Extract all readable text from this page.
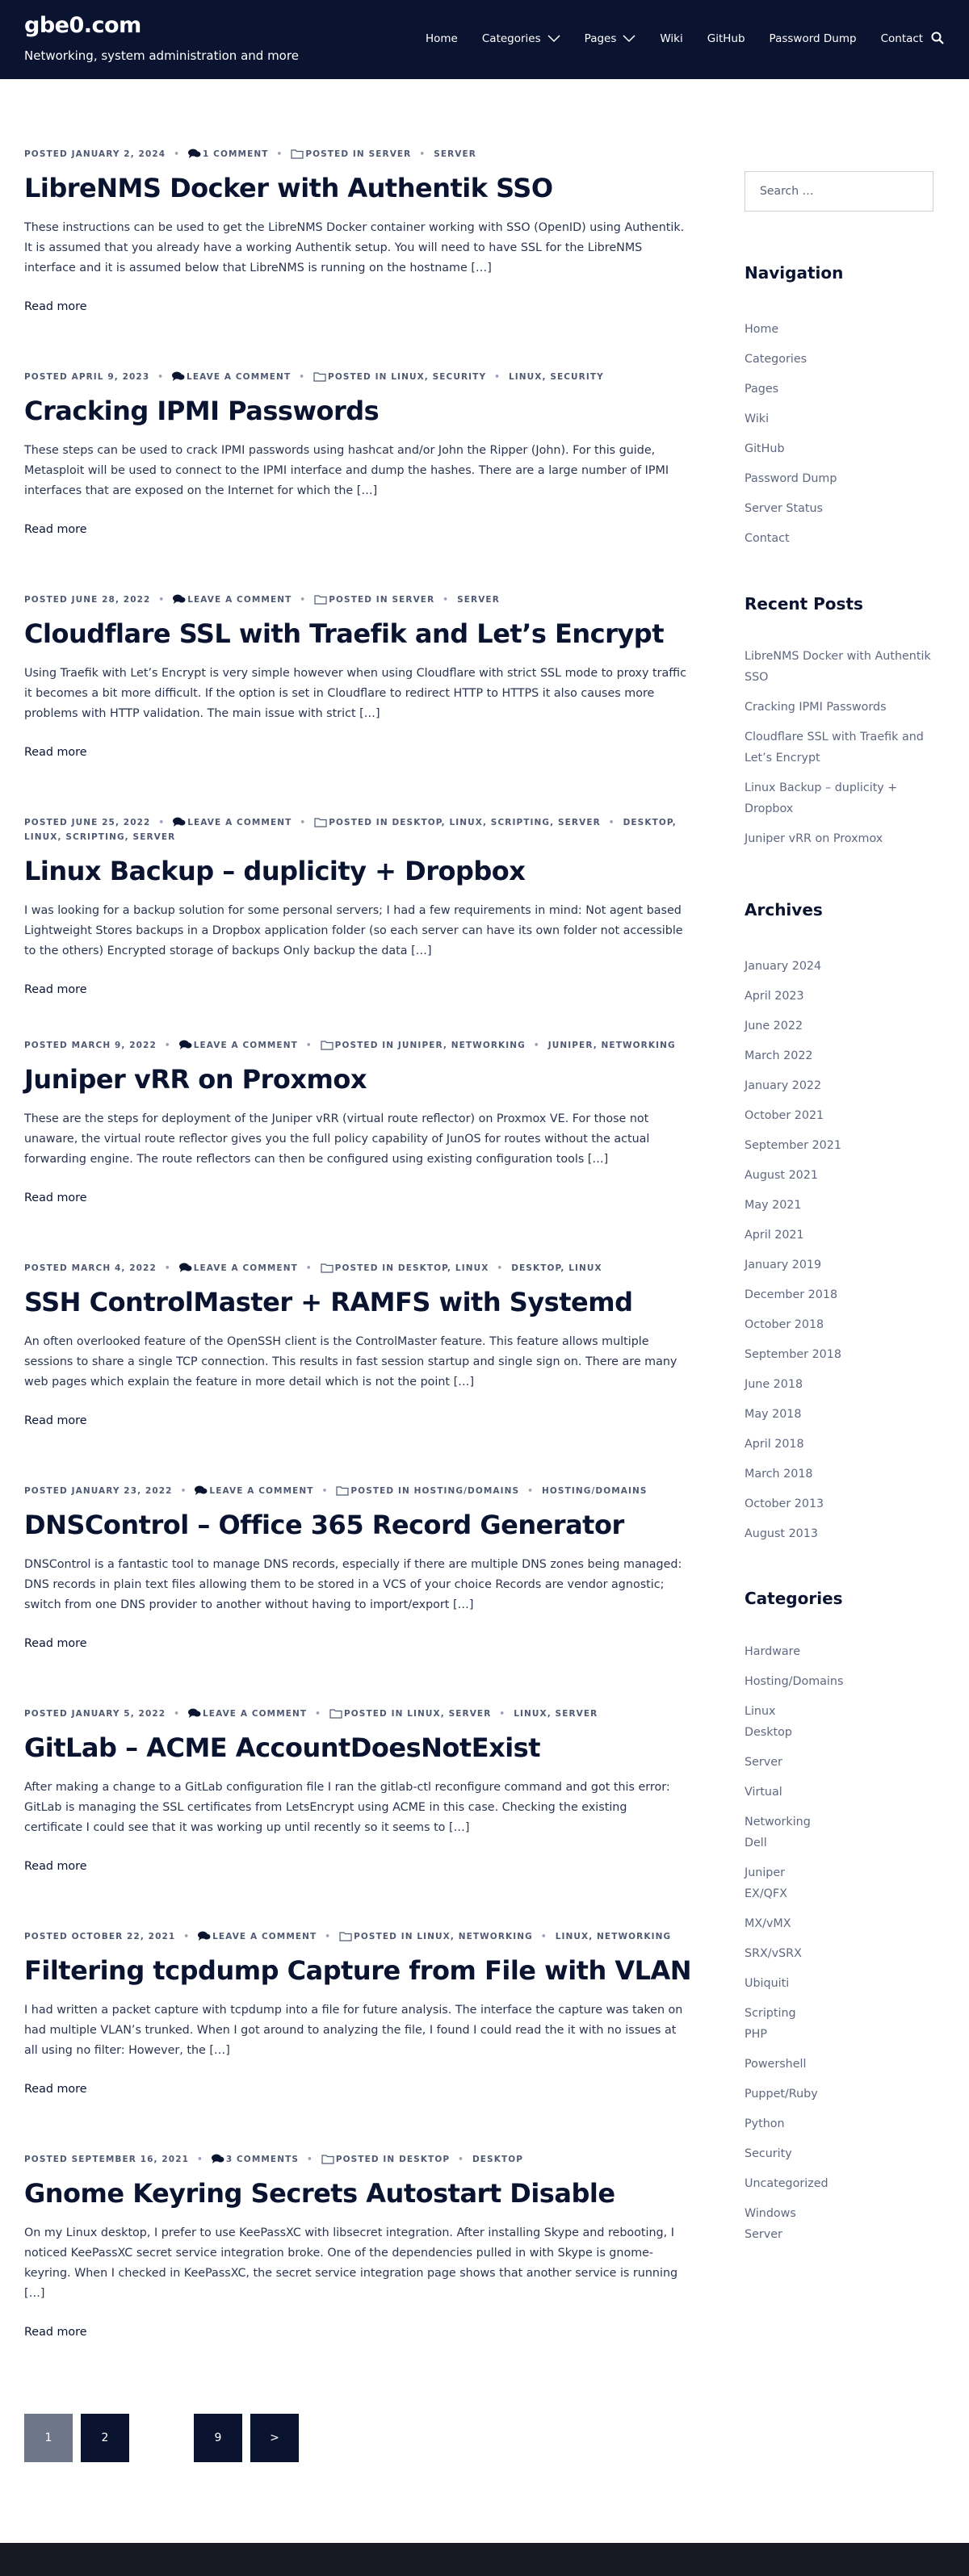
gbe0.com
Networking, system administration and more
Home Categories	Pages	Wiki GitHub Password Dump Contact
POSTED JANUARY 2, 2024 •	1 COMMENT •	POSTED IN SERVER • SERVER
LibreNMS Docker with Authentik SSO
These instructions can be used to get the LibreNMS Docker container working with SSO (OpenID) using Authentik. It is assumed that you already have a working Authentik setup. You will need to have SSL for the LibreNMS interface and it is assumed below that LibreNMS is running on the hostname […]
Read more
POSTED APRIL 9, 2023 •	LEAVE A COMMENT •	POSTED IN LINUX, SECURITY • LINUX, SECURITY
Cracking IPMI Passwords
These steps can be used to crack IPMI passwords using hashcat and/or John the Ripper (John). For this guide, Metasploit will be used to connect to the IPMI interface and dump the hashes. There are a large number of IPMI interfaces that are exposed on the Internet for which the […]
Read more
POSTED JUNE 28, 2022 •	LEAVE A COMMENT •	POSTED IN SERVER • SERVER
Cloudflare SSL with Traefik and Let’s Encrypt
Using Traefik with Let’s Encrypt is very simple however when using Cloudflare with strict SSL mode to proxy traffic it becomes a bit more difficult. If the option is set in Cloudflare to redirect HTTP to HTTPS it also causes more problems with HTTP validation. The main issue with strict […]
Read more
POSTED JUNE 25, 2022 •	LEAVE A COMMENT •	POSTED IN DESKTOP, LINUX, SCRIPTING, SERVER • DESKTOP, LINUX, SCRIPTING, SERVER
Linux Backup – duplicity + Dropbox
I was looking for a backup solution for some personal servers; I had a few requirements in mind: Not agent based Lightweight Stores backups in a Dropbox application folder (so each server can have its own folder not accessible to the others) Encrypted storage of backups Only backup the data […]
Read more
POSTED MARCH 9, 2022 •	LEAVE A COMMENT •	POSTED IN JUNIPER, NETWORKING • JUNIPER, NETWORKING
Juniper vRR on Proxmox
These are the steps for deployment of the Juniper vRR (virtual route reflector) on Proxmox VE. For those not unaware, the virtual route reflector gives you the full policy capability of JunOS for routes without the actual forwarding engine. The route reflectors can then be configured using existing configuration tools […]
Read more
POSTED MARCH 4, 2022 •	LEAVE A COMMENT •	POSTED IN DESKTOP, LINUX • DESKTOP, LINUX
SSH ControlMaster + RAMFS with Systemd
An often overlooked feature of the OpenSSH client is the ControlMaster feature. This feature allows multiple sessions to share a single TCP connection. This results in fast session startup and single sign on. There are many web pages which explain the feature in more detail which is not the point […]
Read more
POSTED JANUARY 23, 2022 •	LEAVE A COMMENT •	POSTED IN HOSTING/DOMAINS • HOSTING/DOMAINS
DNSControl – Office 365 Record Generator
DNSControl is a fantastic tool to manage DNS records, especially if there are multiple DNS zones being managed: DNS records in plain text files allowing them to be stored in a VCS of your choice Records are vendor agnostic; switch from one DNS provider to another without having to import/export […]
Read more
POSTED JANUARY 5, 2022 •	LEAVE A COMMENT •	POSTED IN LINUX, SERVER • LINUX, SERVER
GitLab – ACME AccountDoesNotExist
After making a change to a GitLab configuration file I ran the gitlab-ctl reconfigure command and got this error: GitLab is managing the SSL certificates from LetsEncrypt using ACME in this case. Checking the existing certificate I could see that it was working up until recently so it seems to […]
Read more
POSTED OCTOBER 22, 2021 •	LEAVE A COMMENT •	POSTED IN LINUX, NETWORKING • LINUX, NETWORKING
Filtering tcpdump Capture from File with VLAN
I had written a packet capture with tcpdump into a file for future analysis. The interface the capture was taken on had multiple VLAN’s trunked. When I got around to analyzing the file, I found I could read the it with no issues at all using no filter: However, the […]
Read more
POSTED SEPTEMBER 16, 2021 •	3 COMMENTS •	POSTED IN DESKTOP • DESKTOP
Gnome Keyring Secrets Autostart Disable
On my Linux desktop, I prefer to use KeePassXC with libsecret integration. After installing Skype and rebooting, I noticed KeePassXC secret service integration broke. One of the dependencies pulled in with Skype is gnome-keyring. When I checked in KeePassXC, the secret service integration page shows that another service is running […]
Read more
1	2	9	>
Search …
Navigation
Home
Categories
Pages
Wiki
GitHub
Password Dump
Server Status
Contact
Recent Posts
LibreNMS Docker with Authentik SSO
Cracking IPMI Passwords
Cloudflare SSL with Traefik and Let’s Encrypt
Linux Backup – duplicity + Dropbox
Juniper vRR on Proxmox
Archives
January 2024
April 2023
June 2022
March 2022
January 2022
October 2021
September 2021
August 2021
May 2021
April 2021
January 2019
December 2018
October 2018
September 2018
June 2018
May 2018
April 2018
March 2018
October 2013
August 2013
Categories
Hardware
Hosting/Domains
Linux
Desktop
Server
Virtual
Networking
Dell
Juniper
EX/QFX
MX/vMX
SRX/vSRX
Ubiquiti
Scripting
PHP
Powershell
Puppet/Ruby
Python
Security
Uncategorized
Windows
Server
